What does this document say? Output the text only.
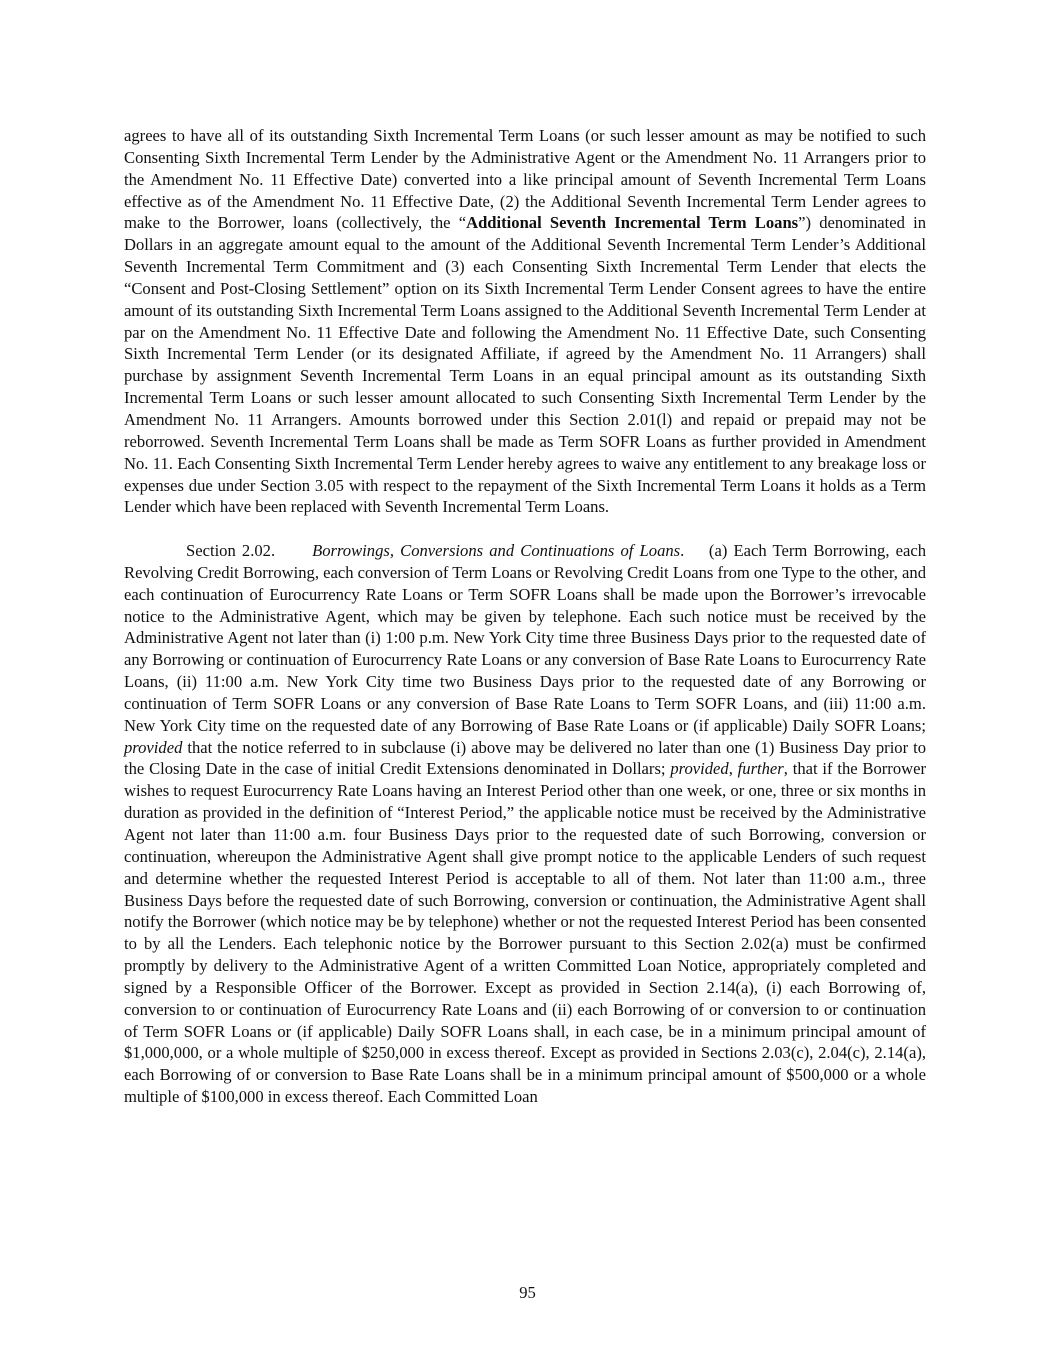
agrees to have all of its outstanding Sixth Incremental Term Loans (or such lesser amount as may be notified to such Consenting Sixth Incremental Term Lender by the Administrative Agent or the Amendment No. 11 Arrangers prior to the Amendment No. 11 Effective Date) converted into a like principal amount of Seventh Incremental Term Loans effective as of the Amendment No. 11 Effective Date, (2) the Additional Seventh Incremental Term Lender agrees to make to the Borrower, loans (collectively, the “Additional Seventh Incremental Term Loans”) denominated in Dollars in an aggregate amount equal to the amount of the Additional Seventh Incremental Term Lender’s Additional Seventh Incremental Term Commitment and (3) each Consenting Sixth Incremental Term Lender that elects the “Consent and Post-Closing Settlement” option on its Sixth Incremental Term Lender Consent agrees to have the entire amount of its outstanding Sixth Incremental Term Loans assigned to the Additional Seventh Incremental Term Lender at par on the Amendment No. 11 Effective Date and following the Amendment No. 11 Effective Date, such Consenting Sixth Incremental Term Lender (or its designated Affiliate, if agreed by the Amendment No. 11 Arrangers) shall purchase by assignment Seventh Incremental Term Loans in an equal principal amount as its outstanding Sixth Incremental Term Loans or such lesser amount allocated to such Consenting Sixth Incremental Term Lender by the Amendment No. 11 Arrangers. Amounts borrowed under this Section 2.01(l) and repaid or prepaid may not be reborrowed. Seventh Incremental Term Loans shall be made as Term SOFR Loans as further provided in Amendment No. 11. Each Consenting Sixth Incremental Term Lender hereby agrees to waive any entitlement to any breakage loss or expenses due under Section 3.05 with respect to the repayment of the Sixth Incremental Term Loans it holds as a Term Lender which have been replaced with Seventh Incremental Term Loans.

Section 2.02. Borrowings, Conversions and Continuations of Loans. (a) Each Term Borrowing, each Revolving Credit Borrowing, each conversion of Term Loans or Revolving Credit Loans from one Type to the other, and each continuation of Eurocurrency Rate Loans or Term SOFR Loans shall be made upon the Borrower’s irrevocable notice to the Administrative Agent, which may be given by telephone. Each such notice must be received by the Administrative Agent not later than (i) 1:00 p.m. New York City time three Business Days prior to the requested date of any Borrowing or continuation of Eurocurrency Rate Loans or any conversion of Base Rate Loans to Eurocurrency Rate Loans, (ii) 11:00 a.m. New York City time two Business Days prior to the requested date of any Borrowing or continuation of Term SOFR Loans or any conversion of Base Rate Loans to Term SOFR Loans, and (iii) 11:00 a.m. New York City time on the requested date of any Borrowing of Base Rate Loans or (if applicable) Daily SOFR Loans; provided that the notice referred to in subclause (i) above may be delivered no later than one (1) Business Day prior to the Closing Date in the case of initial Credit Extensions denominated in Dollars; provided, further, that if the Borrower wishes to request Eurocurrency Rate Loans having an Interest Period other than one week, or one, three or six months in duration as provided in the definition of “Interest Period,” the applicable notice must be received by the Administrative Agent not later than 11:00 a.m. four Business Days prior to the requested date of such Borrowing, conversion or continuation, whereupon the Administrative Agent shall give prompt notice to the applicable Lenders of such request and determine whether the requested Interest Period is acceptable to all of them. Not later than 11:00 a.m., three Business Days before the requested date of such Borrowing, conversion or continuation, the Administrative Agent shall notify the Borrower (which notice may be by telephone) whether or not the requested Interest Period has been consented to by all the Lenders. Each telephonic notice by the Borrower pursuant to this Section 2.02(a) must be confirmed promptly by delivery to the Administrative Agent of a written Committed Loan Notice, appropriately completed and signed by a Responsible Officer of the Borrower. Except as provided in Section 2.14(a), (i) each Borrowing of, conversion to or continuation of Eurocurrency Rate Loans and (ii) each Borrowing of or conversion to or continuation of Term SOFR Loans or (if applicable) Daily SOFR Loans shall, in each case, be in a minimum principal amount of $1,000,000, or a whole multiple of $250,000 in excess thereof. Except as provided in Sections 2.03(c), 2.04(c), 2.14(a), each Borrowing of or conversion to Base Rate Loans shall be in a minimum principal amount of $500,000 or a whole multiple of $100,000 in excess thereof. Each Committed Loan

95
